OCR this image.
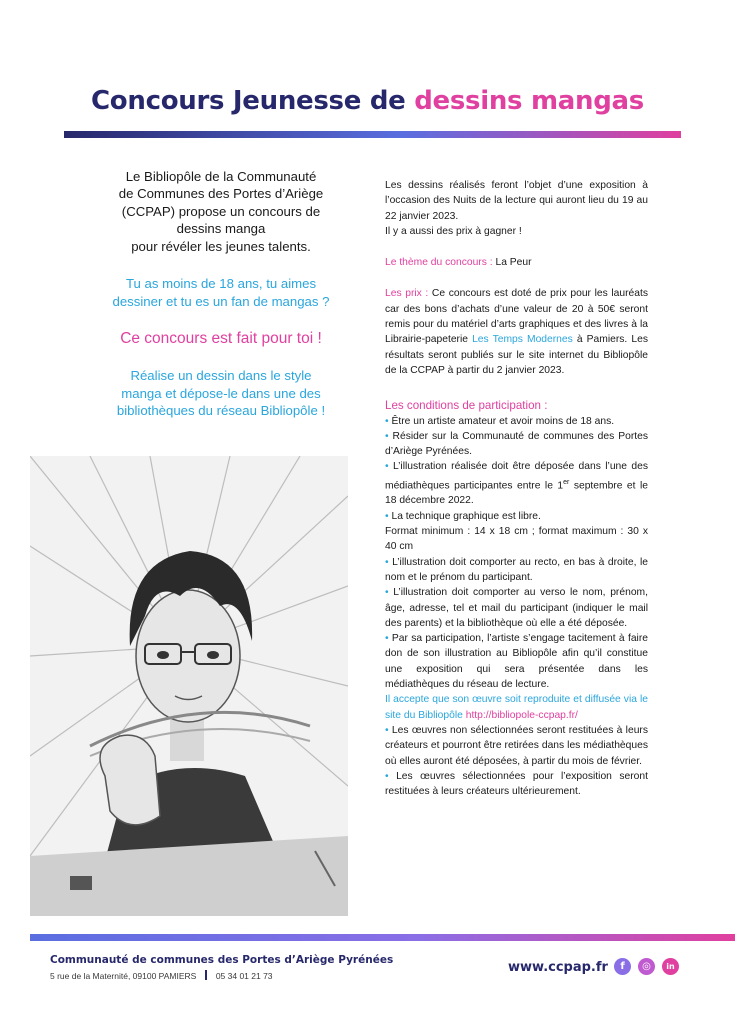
Concours Jeunesse de dessins mangas

Le Bibliopôle de la Communauté
de Communes des Portes d’Ariège
(CCPAP) propose un concours de
dessins manga
pour révéler les jeunes talents.

Tu as moins de 18 ans, tu aimes
dessiner et tu es un fan de mangas ?

Ce concours est fait pour toi !

Réalise un dessin dans le style
manga et dépose-le dans une des
bibliothèques du réseau Bibliopôle !

Les dessins réalisés feront l’objet d’une exposition à l’occasion des Nuits de la lecture qui auront lieu du 19 au 22 janvier 2023.

Il y a aussi des prix à gagner !

Le thème du concours : La Peur

Les prix : Ce concours est doté de prix pour les lauréats car des bons d’achats d’une valeur de 20 à 50€ seront remis pour du matériel d’arts graphiques et des livres à la Librairie-papeterie Les Temps Modernes à Pamiers. Les résultats seront publiés sur le site internet du Bibliopôle de la CCPAP à partir du 2 janvier 2023.

Les conditions de participation :

• Être un artiste amateur et avoir moins de 18 ans.

• Résider sur la Communauté de communes des Portes d’Ariège Pyrénées.

• L’illustration réalisée doit être déposée dans l’une des médiathèques participantes entre le 1er septembre et le 18 décembre 2022.

• La technique graphique est libre.

Format minimum : 14 x 18 cm ; format maximum : 30 x 40 cm

• L’illustration doit comporter au recto, en bas à droite, le nom et le prénom du participant.

• L’illustration doit comporter au verso le nom, prénom, âge, adresse, tel et mail du participant (indiquer le mail des parents) et la bibliothèque où elle a été déposée.

• Par sa participation, l’artiste s’engage tacitement à faire don de son illustration au Bibliopôle afin qu’il constitue une exposition qui sera présentée dans les médiathèques du réseau de lecture.

Il accepte que son œuvre soit reproduite et diffusée via le site du Bibliopôle http://bibliopole-ccpap.fr/

• Les œuvres non sélectionnées seront restituées à leurs créateurs et pourront être retirées dans les médiathèques où elles auront été déposées, à partir du mois de février.

• Les œuvres sélectionnées pour l’exposition seront restituées à leurs créateurs ultérieurement.

Communauté de communes des Portes d’Ariège Pyrénées
5 rue de la Maternité, 09100 PAMIERS 05 34 01 21 73
www.ccpap.fr	f	◎	in
